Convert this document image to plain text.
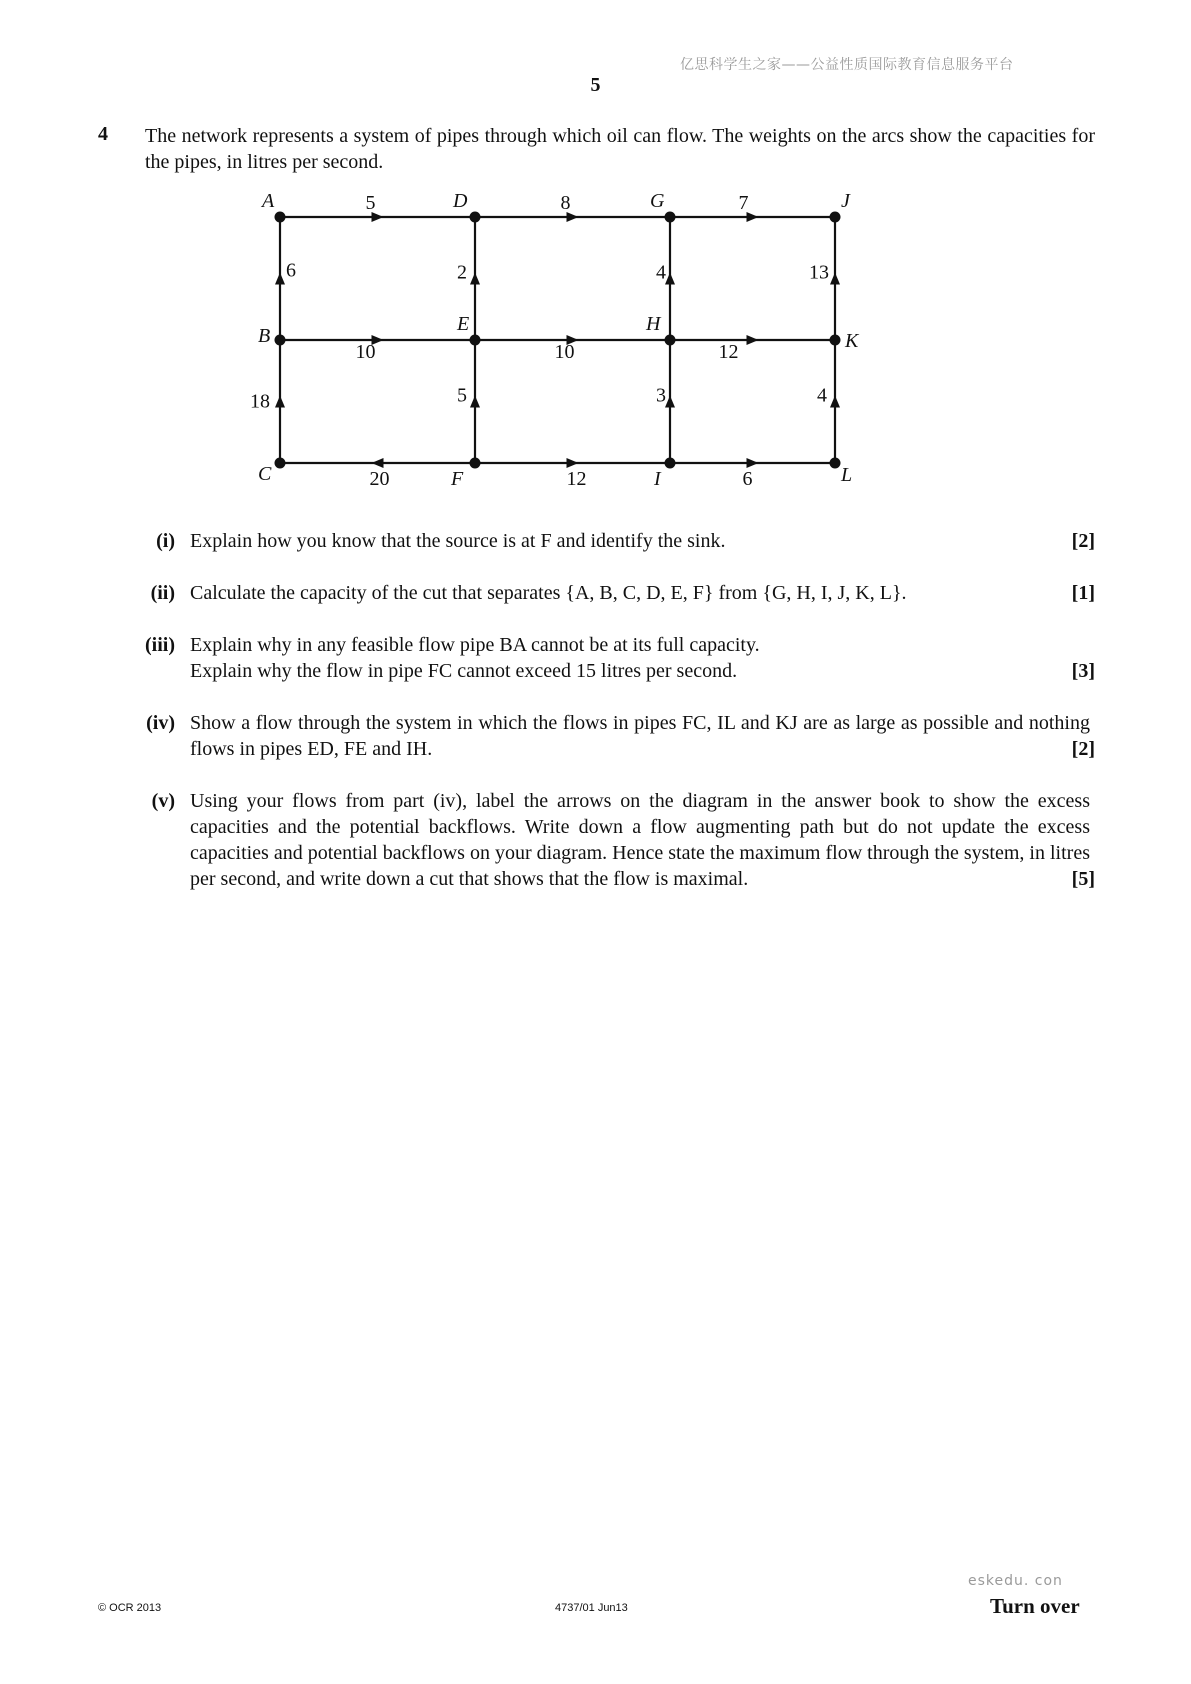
亿思科学生之家——公益性质国际教育信息服务平台
5
4 The network represents a system of pipes through which oil can flow. The weights on the arcs show the capacities for the pipes, in litres per second.
5	8	7
6	2	4	13
10	10	12
18	5	3	4
20	12	6
A	D	G	J
B
E	H
K
C	F	I	L
(i) Explain how you know that the source is at F and identify the sink.	[2]
(ii) Calculate the capacity of the cut that separates {A, B, C, D, E, F} from {G, H, I, J, K, L}.	[1]
(iii) Explain why in any feasible flow pipe BA cannot be at its full capacity.
Explain why the flow in pipe FC cannot exceed 15 litres per second.	[3]
(iv) Show a flow through the system in which the flows in pipes FC, IL and KJ are as large as possible and nothing flows in pipes ED, FE and IH.	[2]
(v) Using your flows from part (iv), label the arrows on the diagram in the answer book to show the excess capacities and the potential backflows. Write down a flow augmenting path but do not update the excess capacities and potential backflows on your diagram. Hence state the maximum flow through the system, in litres per second, and write down a cut that shows that the flow is maximal.	[5]
eskedu. con
© OCR 2013	4737/01 Jun13	Turn over
